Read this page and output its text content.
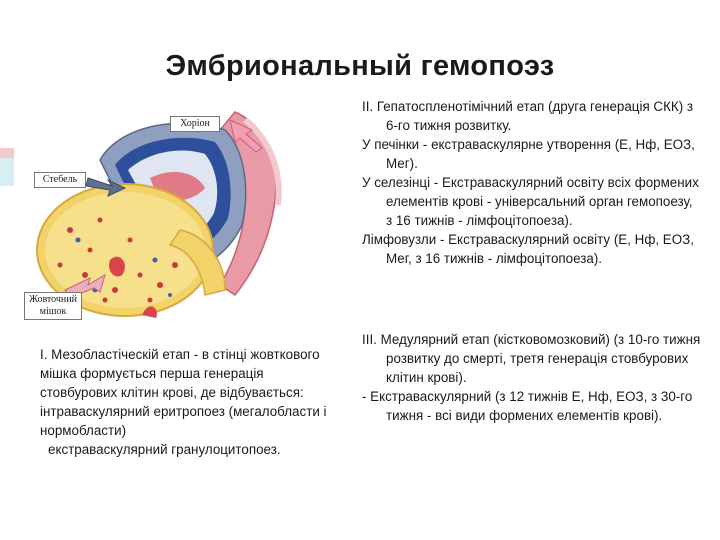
Эмбриональный гемопоэз
Хоріон
Стебель
Жовточний мішок

І. Мезобластіческій етап - в стінці жовткового мішка формується перша генерація стовбурових клітин крові, де відбувається: інтраваскулярний еритропоез (мегалобласти і нормобласти)

екстраваскулярний гранулоцитопоез.

ІІ. Гепатоспленотімічний етап (друга генерація СКК) з 6-го тижня розвитку.

У печінки - екстраваскулярне утворення (Е, Нф, ЕОЗ, Мег).

У селезінці - Екстраваскулярний освіту всіх формених елементів крові - універсальний орган гемопоезу, з 16 тижнів - лімфоцітопоеза).

Лімфовузли - Екстраваскулярний освіту (Е, Нф, ЕОЗ, Мег, з 16 тижнів - лімфоцітопоеза).

ІІІ. Медулярний етап (кістковомозковий) (з 10-го тижня розвитку до смерті, третя генерація стовбурових клітин крові).

- Екстраваскулярний (з 12 тижнів Е, Нф, ЕОЗ, з 30-го тижня - всі види формених елементів крові).
